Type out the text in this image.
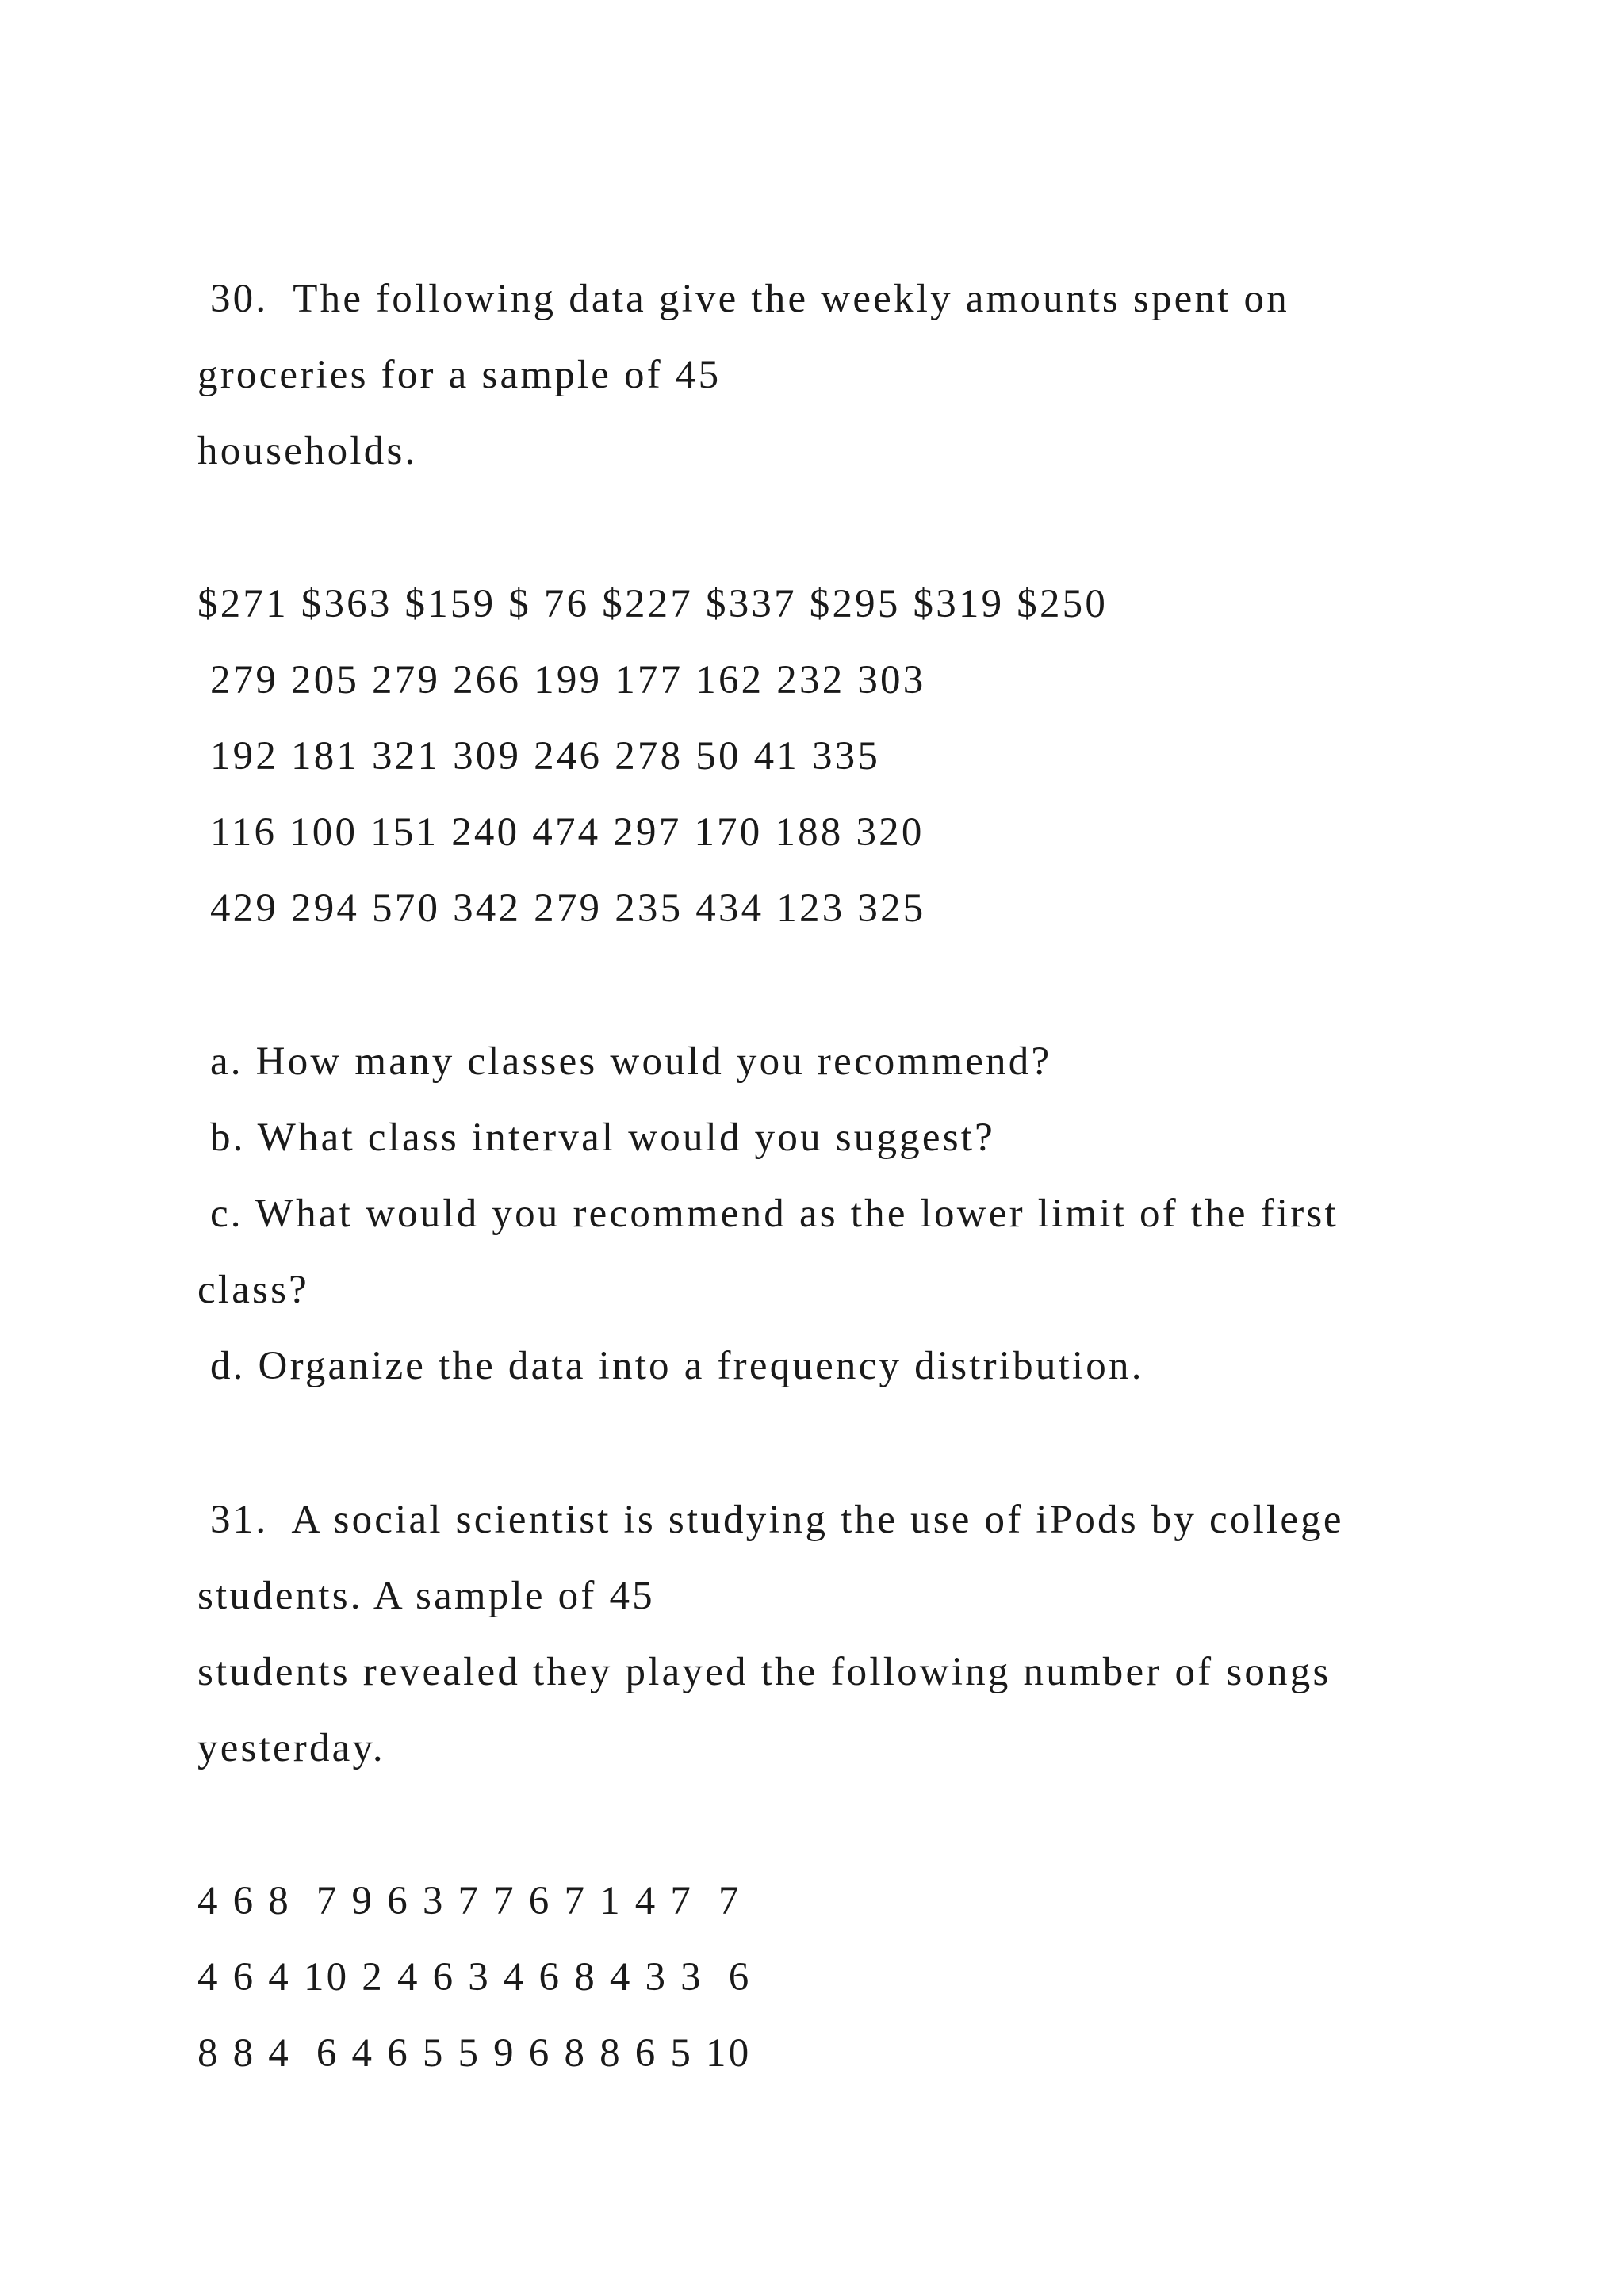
30.  The following data give the weekly amounts spent on
groceries for a sample of 45
households.
$271 $363 $159 $ 76 $227 $337 $295 $319 $250
279 205 279 266 199 177 162 232 303
192 181 321 309 246 278 50 41 335
116 100 151 240 474 297 170 188 320
429 294 570 342 279 235 434 123 325
a. How many classes would you recommend?
b. What class interval would you suggest?
c. What would you recommend as the lower limit of the first
class?
d. Organize the data into a frequency distribution.
31.  A social scientist is studying the use of iPods by college
students. A sample of 45
students revealed they played the following number of songs
yesterday.
4 6 8  7 9 6 3 7 7 6 7 1 4 7  7
4 6 4 10 2 4 6 3 4 6 8 4 3 3  6
8 8 4  6 4 6 5 5 9 6 8 8 6 5 10
